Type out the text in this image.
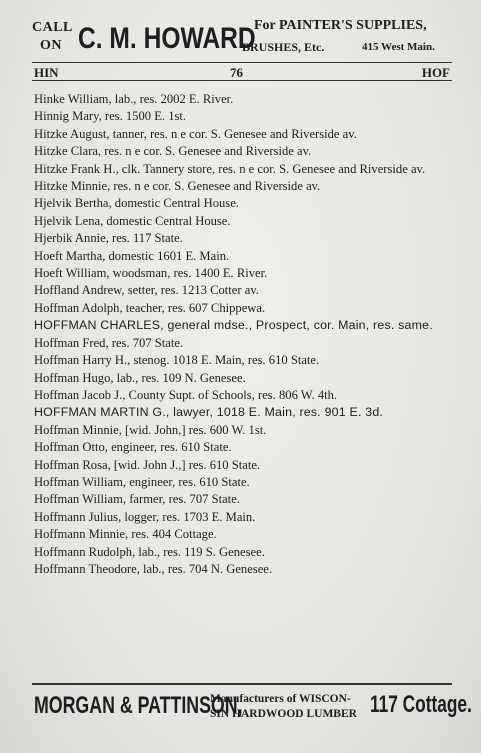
CALL
ON C. M. HOWARD
For PAINTER'S SUPPLIES,
BRUSHES, Etc.	415 West Main.
HIN	76	HOF
Hinke William, lab., res. 2002 E. River.
Hinnig Mary, res. 1500 E. 1st.
Hitzke August, tanner, res. n e cor. S. Genesee and Riverside av.
Hitzke Clara, res. n e cor. S. Genesee and Riverside av.
Hitzke Frank H., clk. Tannery store, res. n e cor. S. Genesee and Riverside av.
Hitzke Minnie, res. n e cor. S. Genesee and Riverside av.
Hjelvik Bertha, domestic Central House.
Hjelvik Lena, domestic Central House.
Hjerbik Annie, res. 117 State.
Hoeft Martha, domestic 1601 E. Main.
Hoeft William, woodsman, res. 1400 E. River.
Hoffland Andrew, setter, res. 1213 Cotter av.
Hoffman Adolph, teacher, res. 607 Chippewa.
HOFFMAN CHARLES, general mdse., Prospect, cor. Main, res. same.
Hoffman Fred, res. 707 State.
Hoffman Harry H., stenog. 1018 E. Main, res. 610 State.
Hoffman Hugo, lab., res. 109 N. Genesee.
Hoffman Jacob J., County Supt. of Schools, res. 806 W. 4th.
HOFFMAN MARTIN G., lawyer, 1018 E. Main, res. 901 E. 3d.
Hoffman Minnie, [wid. John,] res. 600 W. 1st.
Hoffman Otto, engineer, res. 610 State.
Hoffman Rosa, [wid. John J.,] res. 610 State.
Hoffman William, engineer, res. 610 State.
Hoffman William, farmer, res. 707 State.
Hoffmann Julius, logger, res. 1703 E. Main.
Hoffmann Minnie, res. 404 Cottage.
Hoffmann Rudolph, lab., res. 119 S. Genesee.
Hoffmann Theodore, lab., res. 704 N. Genesee.
MORGAN & PATTINSON,
Manufacturers of WISCON-
SIN HARDWOOD LUMBER 117 Cottage.
